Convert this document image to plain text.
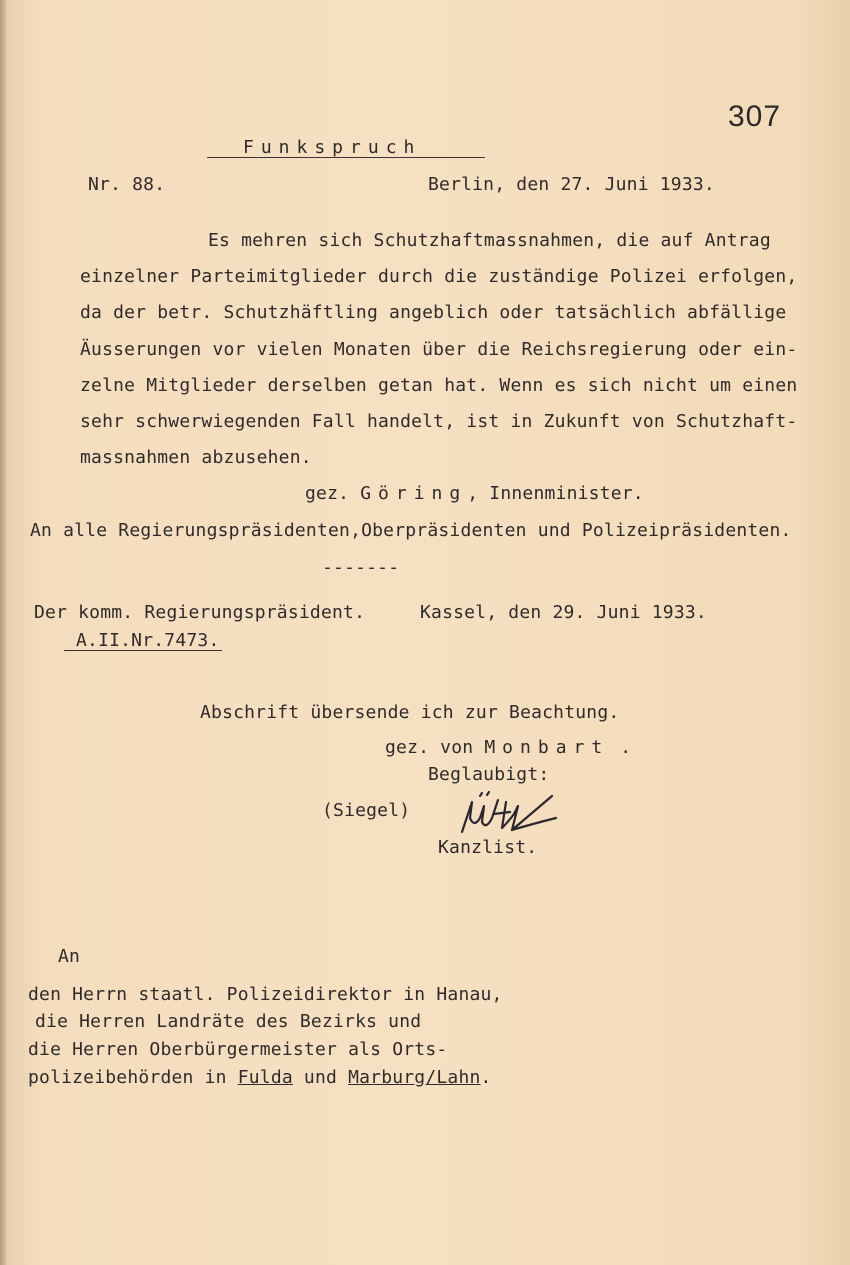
307
Funkspruch
Nr. 88.	Berlin, den 27. Juni 1933.
Es mehren sich Schutzhaftmassnahmen, die auf Antrag
einzelner Parteimitglieder durch die zuständige Polizei erfolgen,
da der betr. Schutzhäftling angeblich oder tatsächlich abfällige
Äusserungen vor vielen Monaten über die Reichsregierung oder ein-
zelne Mitglieder derselben getan hat. Wenn es sich nicht um einen
sehr schwerwiegenden Fall handelt, ist in Zukunft von Schutzhaft-
massnahmen abzusehen.
gez. Göring, Innenminister.
An alle Regierungspräsidenten,Oberpräsidenten und Polizeipräsidenten.
-------
Der komm. Regierungspräsident.	Kassel, den 29. Juni 1933.
A.II.Nr.7473.
Abschrift übersende ich zur Beachtung.
gez. von Monbart .
Beglaubigt:
(Siegel)
Kanzlist.
An
den Herrn staatl. Polizeidirektor in Hanau,
die Herren Landräte des Bezirks und
die Herren Oberbürgermeister als Orts-
polizeibehörden in Fulda und Marburg/Lahn.
